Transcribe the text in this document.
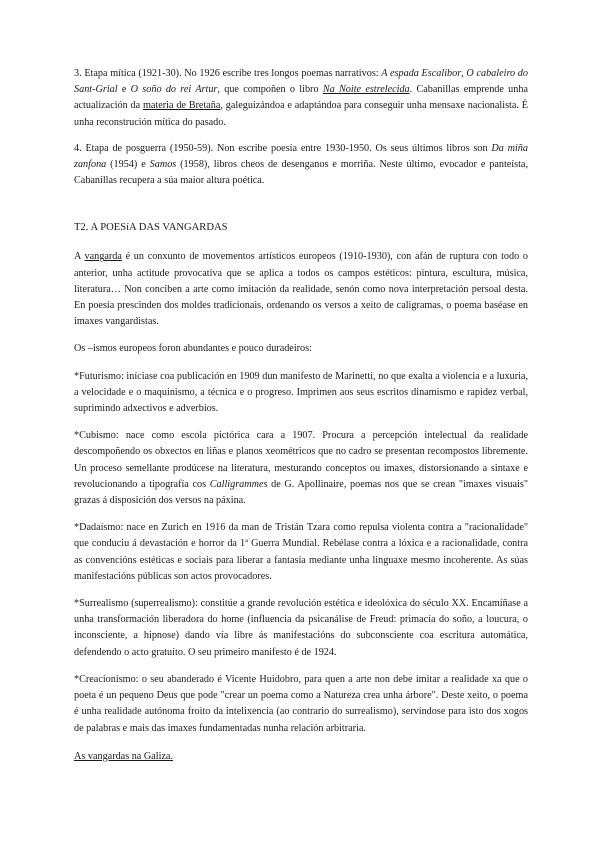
3. Etapa mítica (1921-30). No 1926 escribe tres longos poemas narrativos: A espada Escalibor, O cabaleiro do Sant-Grial e O soño do rei Artur, que compoñen o libro Na Noite estrelecida. Cabanillas emprende unha actualización da materia de Bretaña, galeguizándoa e adaptándoa para conseguir unha mensaxe nacionalista. É unha reconstrución mítica do pasado.

4. Etapa de posguerra (1950-59). Non escribe poesía entre 1930-1950. Os seus últimos libros son Da miña zanfona (1954) e Samos (1958), libros cheos de desenganos e morriña. Neste último, evocador e panteísta, Cabanillas recupera a súa maior altura poética.

T2. A POESíA DAS VANGARDAS

A vangarda é un conxunto de movementos artísticos europeos (1910-1930), con afán de ruptura con todo o anterior, unha actitude provocativa que se aplica a todos os campos estéticos: pintura, escultura, música, literatura… Non conciben a arte como imitación da realidade, senón como nova interpretación persoal desta. En poesía prescinden dos moldes tradicionais, ordenando os versos a xeito de caligramas, o poema baséase en imaxes vangardistas.

Os –ismos europeos foron abundantes e pouco duradeiros:

*Futurismo: iníciase coa publicación en 1909 dun manifesto de Marinetti, no que exalta a violencia e a luxuria, a velocidade e o maquinismo, a técnica e o progreso. Imprimen aos seus escritos dinamismo e rapidez verbal, suprimindo adxectivos e adverbios.

*Cubismo: nace como escola pictórica cara a 1907. Procura a percepción intelectual da realidade descompoñendo os obxectos en liñas e planos xeométricos que no cadro se presentan recompostos libremente. Un proceso semellante prodúcese na literatura, mesturando conceptos ou imaxes, distorsionando a sintaxe e revolucionando a tipografía cos Calligrammes de G. Apollinaire, poemas nos que se crean "imaxes visuais" grazas á disposición dos versos na páxina.

*Dadaísmo: nace en Zurich en 1916 da man de Tristán Tzara como repulsa violenta contra a "racionalidade" que conduciu á devastación e horror da 1ª Guerra Mundial. Rebélase contra a lóxica e a racionalidade, contra as convencións estéticas e sociais para liberar a fantasía mediante unha linguaxe mesmo incoherente. As súas manifestacións públicas son actos provocadores.

*Surrealismo (superrealismo): constitúe a grande revolución estética e ideolóxica do século XX. Encamíñase a unha transformación liberadora do home (influencia da psicanálise de Freud: primacía do soño, a loucura, o inconsciente, a hipnose) dando vía libre ás manifestacións do subconsciente coa escritura automática, defendendo o acto gratuíto. O seu primeiro manifesto é de 1924.

*Creacionismo: o seu abanderado é Vicente Huidobro, para quen a arte non debe imitar a realidade xa que o poeta é un pequeno Deus que pode "crear un poema como a Natureza crea unha árbore". Deste xeito, o poema é unha realidade autónoma froito da intelixencia (ao contrario do surrealismo), servíndose para isto dos xogos de palabras e mais das imaxes fundamentadas nunha relación arbitraria.

As vangardas na Galiza.
